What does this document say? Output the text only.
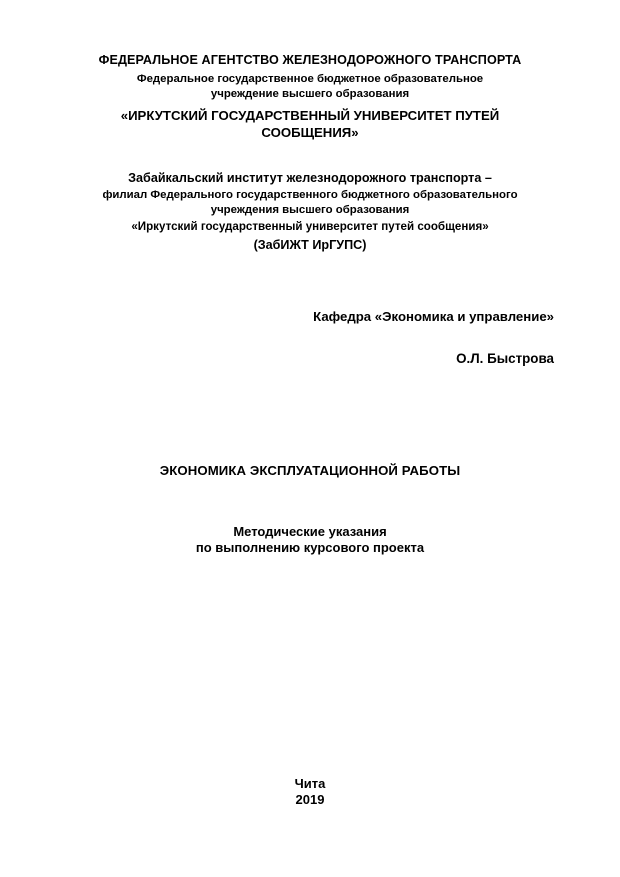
ФЕДЕРАЛЬНОЕ АГЕНТСТВО ЖЕЛЕЗНОДОРОЖНОГО ТРАНСПОРТА
Федеральное государственное бюджетное образовательное
учреждение высшего образования
«ИРКУТСКИЙ ГОСУДАРСТВЕННЫЙ УНИВЕРСИТЕТ ПУТЕЙ
СООБЩЕНИЯ»
Забайкальский институт железнодорожного транспорта –
филиал Федерального государственного бюджетного образовательного
учреждения высшего образования
«Иркутский государственный университет путей сообщения»
(ЗабИЖТ ИрГУПС)
Кафедра «Экономика и управление»
О.Л. Быстрова
ЭКОНОМИКА ЭКСПЛУАТАЦИОННОЙ РАБОТЫ
Методические указания
по выполнению курсового проекта
Чита
2019
